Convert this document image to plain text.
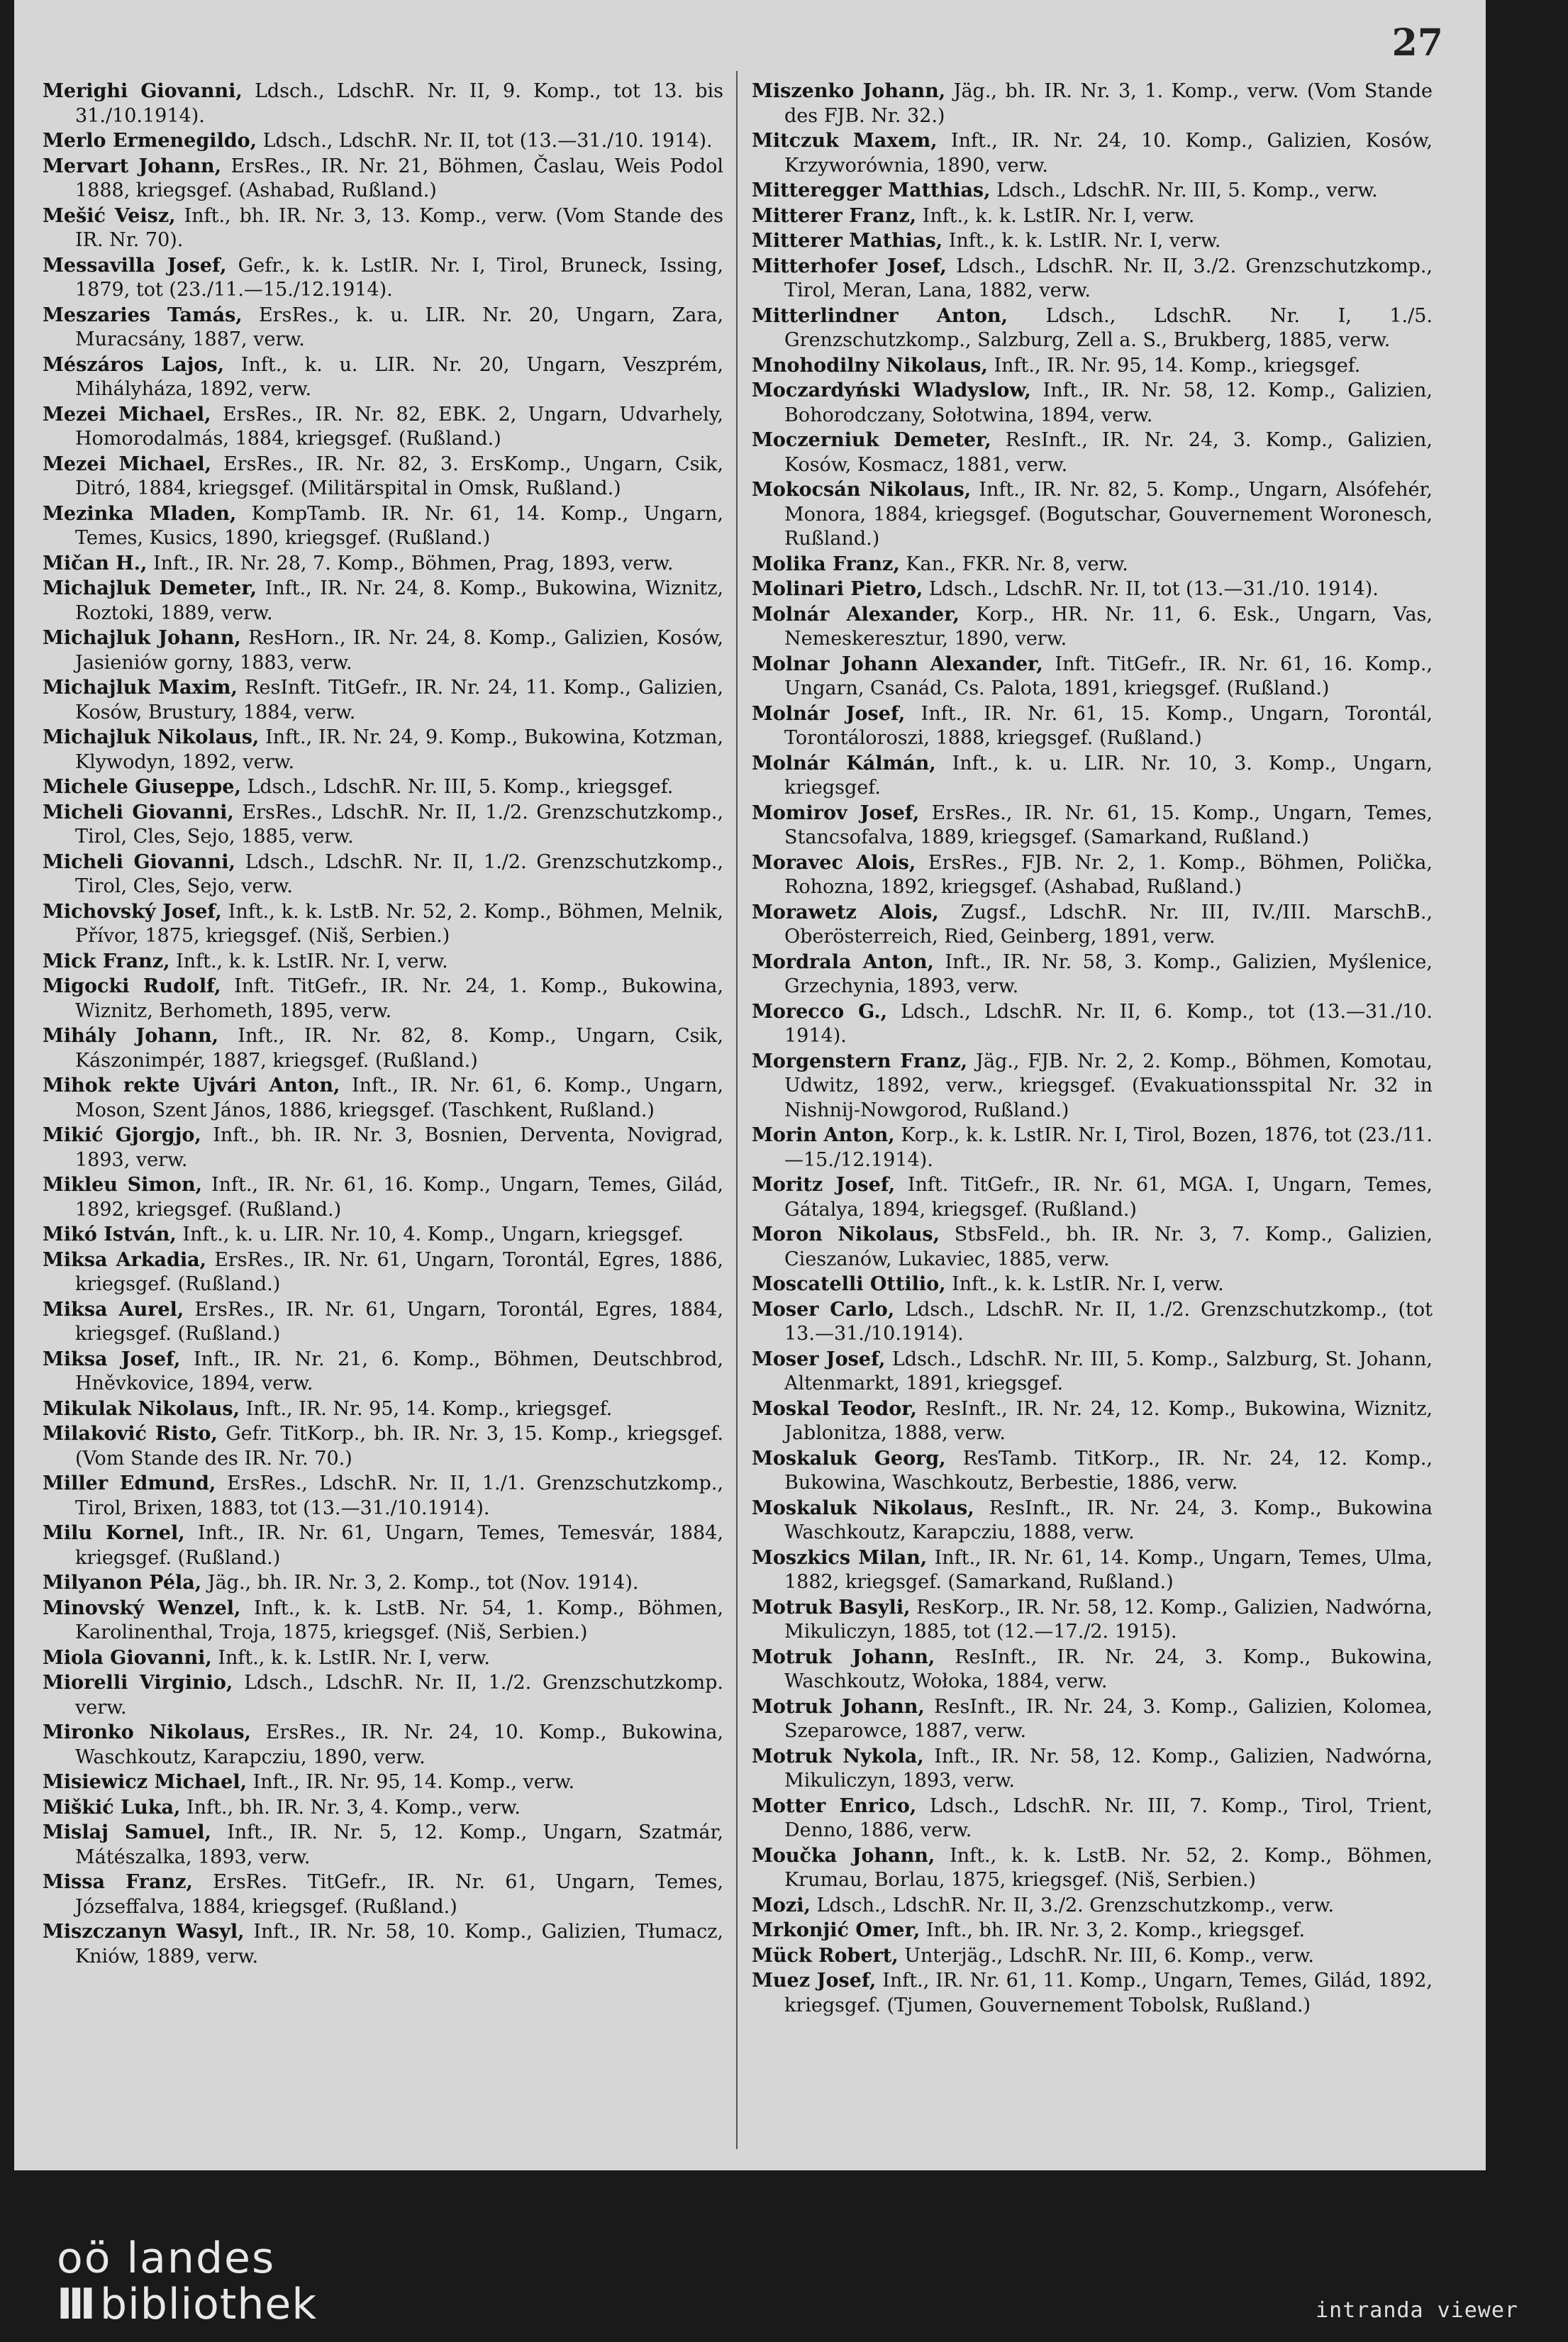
27

Merighi Giovanni, Ldsch., LdschR. Nr. II, 9. Komp., tot 13. bis 31./10.1914).

Merlo Ermenegildo, Ldsch., LdschR. Nr. II, tot (13.—31./10. 1914).

Mervart Johann, ErsRes., IR. Nr. 21, Böhmen, Časlau, Weis Podol 1888, kriegsgef. (Ashabad, Rußland.)

Mešić Veisz, Inft., bh. IR. Nr. 3, 13. Komp., verw. (Vom Stande des IR. Nr. 70).

Messavilla Josef, Gefr., k. k. LstIR. Nr. I, Tirol, Bruneck, Issing, 1879, tot (23./11.—15./12.1914).

Meszaries Tamás, ErsRes., k. u. LIR. Nr. 20, Ungarn, Zara, Muracsány, 1887, verw.

Mészáros Lajos, Inft., k. u. LIR. Nr. 20, Ungarn, Veszprém, Mihályháza, 1892, verw.

Mezei Michael, ErsRes., IR. Nr. 82, EBK. 2, Ungarn, Udvarhely, Homorodalmás, 1884, kriegsgef. (Rußland.)

Mezei Michael, ErsRes., IR. Nr. 82, 3. ErsKomp., Ungarn, Csik, Ditró, 1884, kriegsgef. (Militärspital in Omsk, Rußland.)

Mezinka Mladen, KompTamb. IR. Nr. 61, 14. Komp., Ungarn, Temes, Kusics, 1890, kriegsgef. (Rußland.)

Mičan H., Inft., IR. Nr. 28, 7. Komp., Böhmen, Prag, 1893, verw.

Michajluk Demeter, Inft., IR. Nr. 24, 8. Komp., Bukowina, Wiznitz, Roztoki, 1889, verw.

Michajluk Johann, ResHorn., IR. Nr. 24, 8. Komp., Galizien, Kosów, Jasieniów gorny, 1883, verw.

Michajluk Maxim, ResInft. TitGefr., IR. Nr. 24, 11. Komp., Galizien, Kosów, Brustury, 1884, verw.

Michajluk Nikolaus, Inft., IR. Nr. 24, 9. Komp., Bukowina, Kotzman, Klywodyn, 1892, verw.

Michele Giuseppe, Ldsch., LdschR. Nr. III, 5. Komp., kriegsgef.

Micheli Giovanni, ErsRes., LdschR. Nr. II, 1./2. Grenzschutzkomp., Tirol, Cles, Sejo, 1885, verw.

Micheli Giovanni, Ldsch., LdschR. Nr. II, 1./2. Grenzschutzkomp., Tirol, Cles, Sejo, verw.

Michovský Josef, Inft., k. k. LstB. Nr. 52, 2. Komp., Böhmen, Melnik, Přívor, 1875, kriegsgef. (Niš, Serbien.)

Mick Franz, Inft., k. k. LstIR. Nr. I, verw.

Migocki Rudolf, Inft. TitGefr., IR. Nr. 24, 1. Komp., Bukowina, Wiznitz, Berhometh, 1895, verw.

Mihály Johann, Inft., IR. Nr. 82, 8. Komp., Ungarn, Csik, Kászonimpér, 1887, kriegsgef. (Rußland.)

Mihok rekte Ujvári Anton, Inft., IR. Nr. 61, 6. Komp., Ungarn, Moson, Szent János, 1886, kriegsgef. (Taschkent, Rußland.)

Mikić Gjorgjo, Inft., bh. IR. Nr. 3, Bosnien, Derventa, Novigrad, 1893, verw.

Mikleu Simon, Inft., IR. Nr. 61, 16. Komp., Ungarn, Temes, Gilád, 1892, kriegsgef. (Rußland.)

Mikó István, Inft., k. u. LIR. Nr. 10, 4. Komp., Ungarn, kriegsgef.

Miksa Arkadia, ErsRes., IR. Nr. 61, Ungarn, Torontál, Egres, 1886, kriegsgef. (Rußland.)

Miksa Aurel, ErsRes., IR. Nr. 61, Ungarn, Torontál, Egres, 1884, kriegsgef. (Rußland.)

Miksa Josef, Inft., IR. Nr. 21, 6. Komp., Böhmen, Deutschbrod, Hněvkovice, 1894, verw.

Mikulak Nikolaus, Inft., IR. Nr. 95, 14. Komp., kriegsgef.

Milaković Risto, Gefr. TitKorp., bh. IR. Nr. 3, 15. Komp., kriegsgef. (Vom Stande des IR. Nr. 70.)

Miller Edmund, ErsRes., LdschR. Nr. II, 1./1. Grenzschutzkomp., Tirol, Brixen, 1883, tot (13.—31./10.1914).

Milu Kornel, Inft., IR. Nr. 61, Ungarn, Temes, Temesvár, 1884, kriegsgef. (Rußland.)

Milyanon Péla, Jäg., bh. IR. Nr. 3, 2. Komp., tot (Nov. 1914).

Minovský Wenzel, Inft., k. k. LstB. Nr. 54, 1. Komp., Böhmen, Karolinenthal, Troja, 1875, kriegsgef. (Niš, Serbien.)

Miola Giovanni, Inft., k. k. LstIR. Nr. I, verw.

Miorelli Virginio, Ldsch., LdschR. Nr. II, 1./2. Grenzschutzkomp. verw.

Mironko Nikolaus, ErsRes., IR. Nr. 24, 10. Komp., Bukowina, Waschkoutz, Karapcziu, 1890, verw.

Misiewicz Michael, Inft., IR. Nr. 95, 14. Komp., verw.

Miškić Luka, Inft., bh. IR. Nr. 3, 4. Komp., verw.

Mislaj Samuel, Inft., IR. Nr. 5, 12. Komp., Ungarn, Szatmár, Mátészalka, 1893, verw.

Missa Franz, ErsRes. TitGefr., IR. Nr. 61, Ungarn, Temes, Józseffalva, 1884, kriegsgef. (Rußland.)

Miszczanyn Wasyl, Inft., IR. Nr. 58, 10. Komp., Galizien, Tłumacz, Kniów, 1889, verw.

Miszenko Johann, Jäg., bh. IR. Nr. 3, 1. Komp., verw. (Vom Stande des FJB. Nr. 32.)

Mitczuk Maxem, Inft., IR. Nr. 24, 10. Komp., Galizien, Kosów, Krzyworównia, 1890, verw.

Mitteregger Matthias, Ldsch., LdschR. Nr. III, 5. Komp., verw.

Mitterer Franz, Inft., k. k. LstIR. Nr. I, verw.

Mitterer Mathias, Inft., k. k. LstIR. Nr. I, verw.

Mitterhofer Josef, Ldsch., LdschR. Nr. II, 3./2. Grenzschutzkomp., Tirol, Meran, Lana, 1882, verw.

Mitterlindner Anton, Ldsch., LdschR. Nr. I, 1./5. Grenzschutzkomp., Salzburg, Zell a. S., Brukberg, 1885, verw.

Mnohodilny Nikolaus, Inft., IR. Nr. 95, 14. Komp., kriegsgef.

Moczardyński Wladyslow, Inft., IR. Nr. 58, 12. Komp., Galizien, Bohorodczany, Sołotwina, 1894, verw.

Moczerniuk Demeter, ResInft., IR. Nr. 24, 3. Komp., Galizien, Kosów, Kosmacz, 1881, verw.

Mokocsán Nikolaus, Inft., IR. Nr. 82, 5. Komp., Ungarn, Alsófehér, Monora, 1884, kriegsgef. (Bogutschar, Gouvernement Woronesch, Rußland.)

Molika Franz, Kan., FKR. Nr. 8, verw.

Molinari Pietro, Ldsch., LdschR. Nr. II, tot (13.—31./10. 1914).

Molnár Alexander, Korp., HR. Nr. 11, 6. Esk., Ungarn, Vas, Nemeskeresztur, 1890, verw.

Molnar Johann Alexander, Inft. TitGefr., IR. Nr. 61, 16. Komp., Ungarn, Csanád, Cs. Palota, 1891, kriegsgef. (Rußland.)

Molnár Josef, Inft., IR. Nr. 61, 15. Komp., Ungarn, Torontál, Torontáloroszi, 1888, kriegsgef. (Rußland.)

Molnár Kálmán, Inft., k. u. LIR. Nr. 10, 3. Komp., Ungarn, kriegsgef.

Momirov Josef, ErsRes., IR. Nr. 61, 15. Komp., Ungarn, Temes, Stancsofalva, 1889, kriegsgef. (Samarkand, Rußland.)

Moravec Alois, ErsRes., FJB. Nr. 2, 1. Komp., Böhmen, Polička, Rohozna, 1892, kriegsgef. (Ashabad, Rußland.)

Morawetz Alois, Zugsf., LdschR. Nr. III, IV./III. MarschB., Oberösterreich, Ried, Geinberg, 1891, verw.

Mordrala Anton, Inft., IR. Nr. 58, 3. Komp., Galizien, Myślenice, Grzechynia, 1893, verw.

Morecco G., Ldsch., LdschR. Nr. II, 6. Komp., tot (13.—31./10. 1914).

Morgenstern Franz, Jäg., FJB. Nr. 2, 2. Komp., Böhmen, Komotau, Udwitz, 1892, verw., kriegsgef. (Evakuationsspital Nr. 32 in Nishnij-Nowgorod, Rußland.)

Morin Anton, Korp., k. k. LstIR. Nr. I, Tirol, Bozen, 1876, tot (23./11.—15./12.1914).

Moritz Josef, Inft. TitGefr., IR. Nr. 61, MGA. I, Ungarn, Temes, Gátalya, 1894, kriegsgef. (Rußland.)

Moron Nikolaus, StbsFeld., bh. IR. Nr. 3, 7. Komp., Galizien, Cieszanów, Lukaviec, 1885, verw.

Moscatelli Ottilio, Inft., k. k. LstIR. Nr. I, verw.

Moser Carlo, Ldsch., LdschR. Nr. II, 1./2. Grenzschutzkomp., (tot 13.—31./10.1914).

Moser Josef, Ldsch., LdschR. Nr. III, 5. Komp., Salzburg, St. Johann, Altenmarkt, 1891, kriegsgef.

Moskal Teodor, ResInft., IR. Nr. 24, 12. Komp., Bukowina, Wiznitz, Jablonitza, 1888, verw.

Moskaluk Georg, ResTamb. TitKorp., IR. Nr. 24, 12. Komp., Bukowina, Waschkoutz, Berbestie, 1886, verw.

Moskaluk Nikolaus, ResInft., IR. Nr. 24, 3. Komp., Bukowina Waschkoutz, Karapcziu, 1888, verw.

Moszkics Milan, Inft., IR. Nr. 61, 14. Komp., Ungarn, Temes, Ulma, 1882, kriegsgef. (Samarkand, Rußland.)

Motruk Basyli, ResKorp., IR. Nr. 58, 12. Komp., Galizien, Nadwórna, Mikuliczyn, 1885, tot (12.—17./2. 1915).

Motruk Johann, ResInft., IR. Nr. 24, 3. Komp., Bukowina, Waschkoutz, Wołoka, 1884, verw.

Motruk Johann, ResInft., IR. Nr. 24, 3. Komp., Galizien, Kolomea, Szeparowce, 1887, verw.

Motruk Nykola, Inft., IR. Nr. 58, 12. Komp., Galizien, Nadwórna, Mikuliczyn, 1893, verw.

Motter Enrico, Ldsch., LdschR. Nr. III, 7. Komp., Tirol, Trient, Denno, 1886, verw.

Moučka Johann, Inft., k. k. LstB. Nr. 52, 2. Komp., Böhmen, Krumau, Borlau, 1875, kriegsgef. (Niš, Serbien.)

Mozi, Ldsch., LdschR. Nr. II, 3./2. Grenzschutzkomp., verw.

Mrkonjić Omer, Inft., bh. IR. Nr. 3, 2. Komp., kriegsgef.

Mück Robert, Unterjäg., LdschR. Nr. III, 6. Komp., verw.

Muez Josef, Inft., IR. Nr. 61, 11. Komp., Ungarn, Temes, Gilád, 1892, kriegsgef. (Tjumen, Gouvernement Tobolsk, Rußland.)

oö landes
III bibliothek	intranda viewer
